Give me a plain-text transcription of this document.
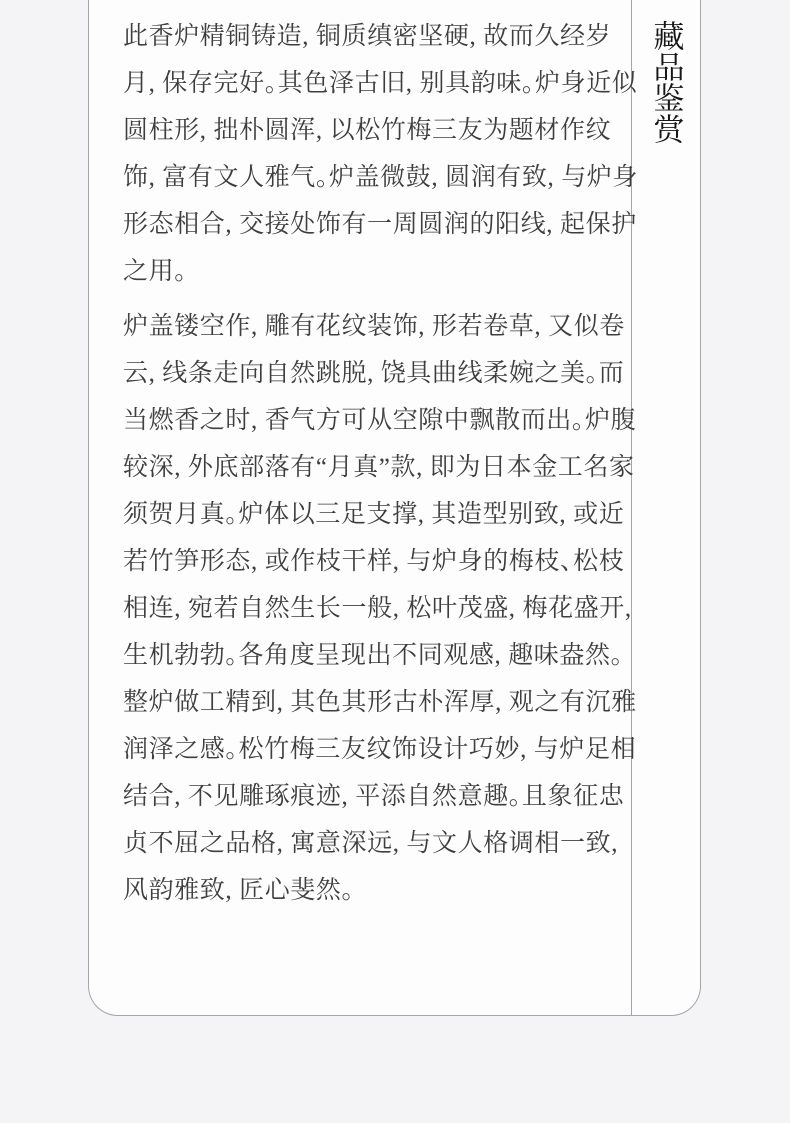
此香炉精铜铸造, 铜质缜密坚硬, 故而久经岁
月, 保存完好。其色泽古旧, 别具韵味。炉身近似
圆柱形, 拙朴圆浑, 以松竹梅三友为题材作纹
饰, 富有文人雅气。炉盖微鼓, 圆润有致, 与炉身
形态相合, 交接处饰有一周圆润的阳线, 起保护
之用。
炉盖镂空作, 雕有花纹装饰, 形若卷草, 又似卷
云, 线条走向自然跳脱, 饶具曲线柔婉之美。而
当燃香之时, 香气方可从空隙中飘散而出。炉腹
较深, 外底部落有“月真”款, 即为日本金工名家
须贺月真。炉体以三足支撑, 其造型别致, 或近
若竹笋形态, 或作枝干样, 与炉身的梅枝、松枝
相连, 宛若自然生长一般, 松叶茂盛, 梅花盛开,
生机勃勃。各角度呈现出不同观感, 趣味盎然。
整炉做工精到, 其色其形古朴浑厚, 观之有沉雅
润泽之感。松竹梅三友纹饰设计巧妙, 与炉足相
结合, 不见雕琢痕迹, 平添自然意趣。且象征忠
贞不屈之品格, 寓意深远, 与文人格调相一致,
风韵雅致, 匠心斐然。
藏品鉴赏
